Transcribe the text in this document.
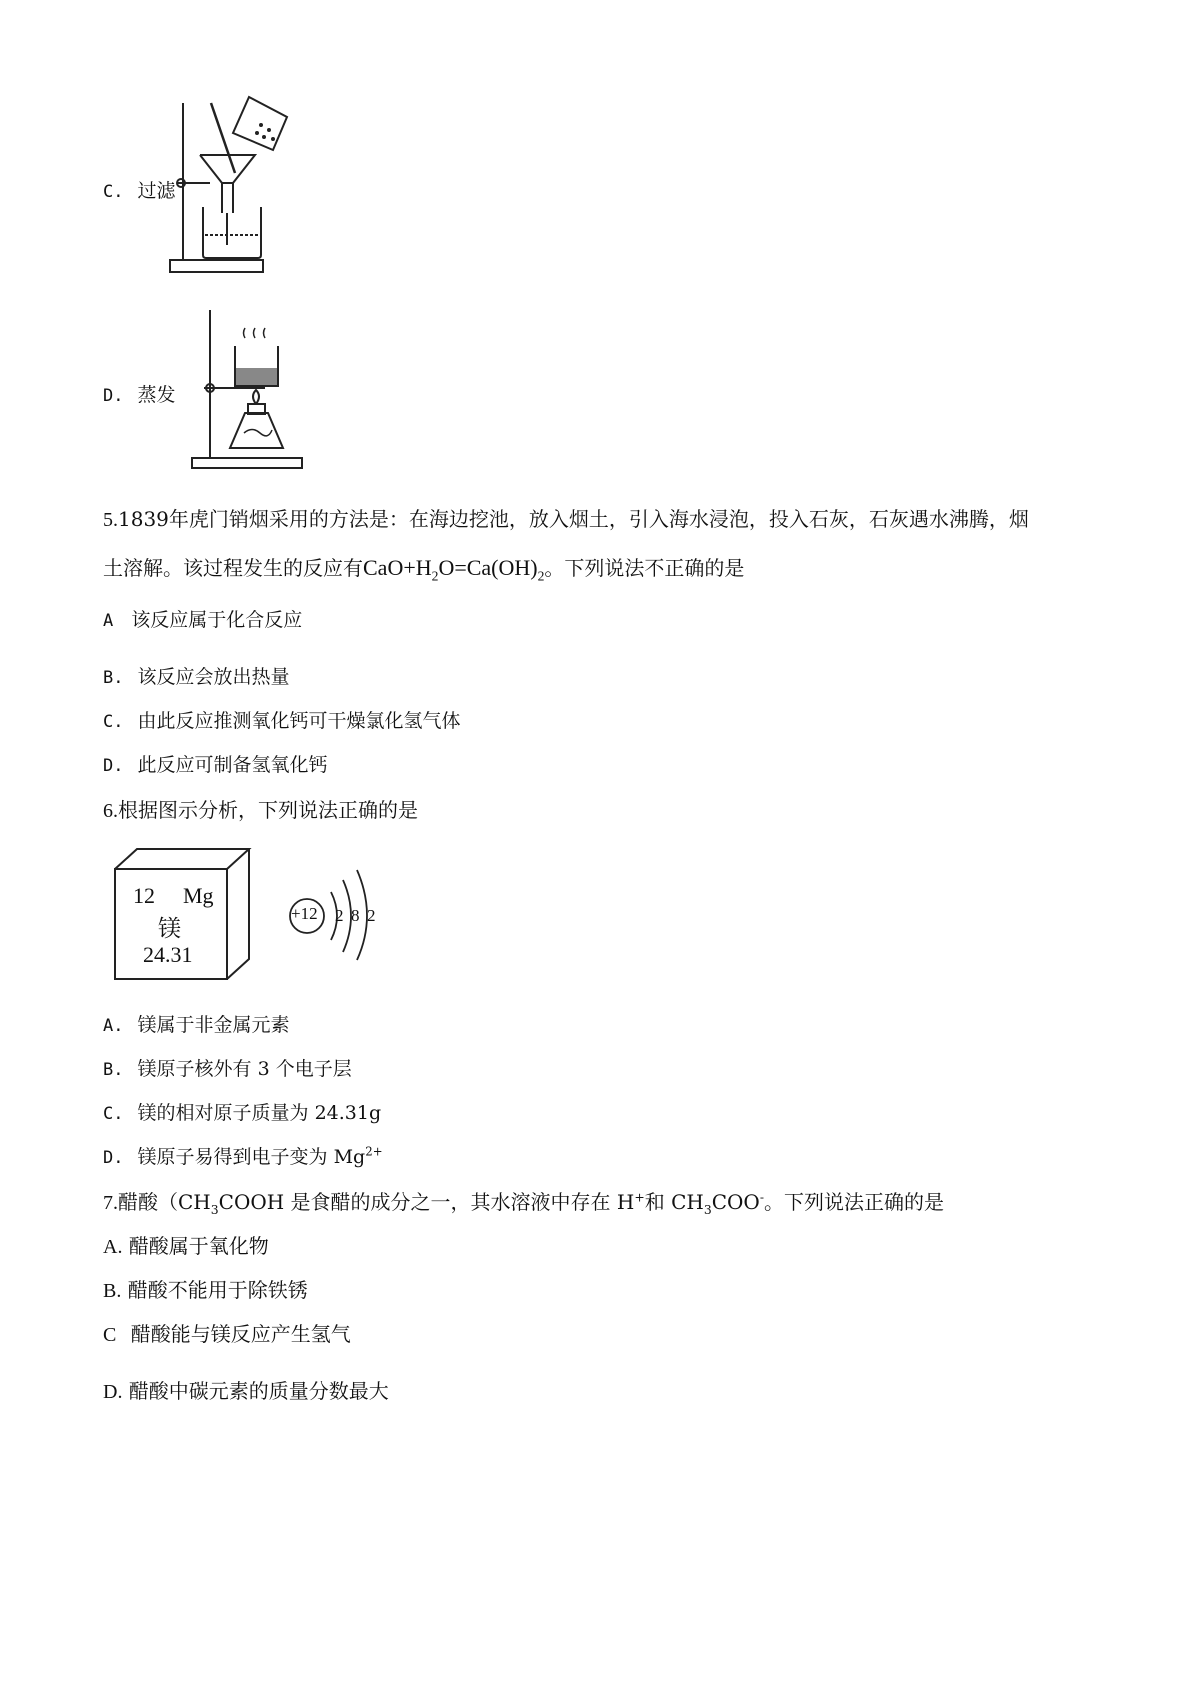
C. 过滤
D. 蒸发
5.1839年虎门销烟采用的方法是：在海边挖池，放入烟土，引入海水浸泡，投入石灰，石灰遇水沸腾，烟
土溶解。该过程发生的反应有$CaO+H_2O=Ca(OH)_2$。下列说法不正确的是
A 该反应属于化合反应
B. 该反应会放出热量
C. 由此反应推测氧化钙可干燥氯化氢气体
D. 此反应可制备氢氧化钙
6.根据图示分析，下列说法正确的是
12 Mg
镁
24.31
+12 2 8 2
A. 镁属于非金属元素
B. 镁原子核外有 3 个电子层
C. 镁的相对原子质量为 24.31g
D. 镁原子易得到电子变为 $Mg^{2+}$
7.醋酸（$CH_3COOH$ 是食醋的成分之一，其水溶液中存在 H+和 $CH_3COO^-$。下列说法正确的是
A. 醋酸属于氧化物
B. 醋酸不能用于除铁锈
C 醋酸能与镁反应产生氢气
D. 醋酸中碳元素的质量分数最大
